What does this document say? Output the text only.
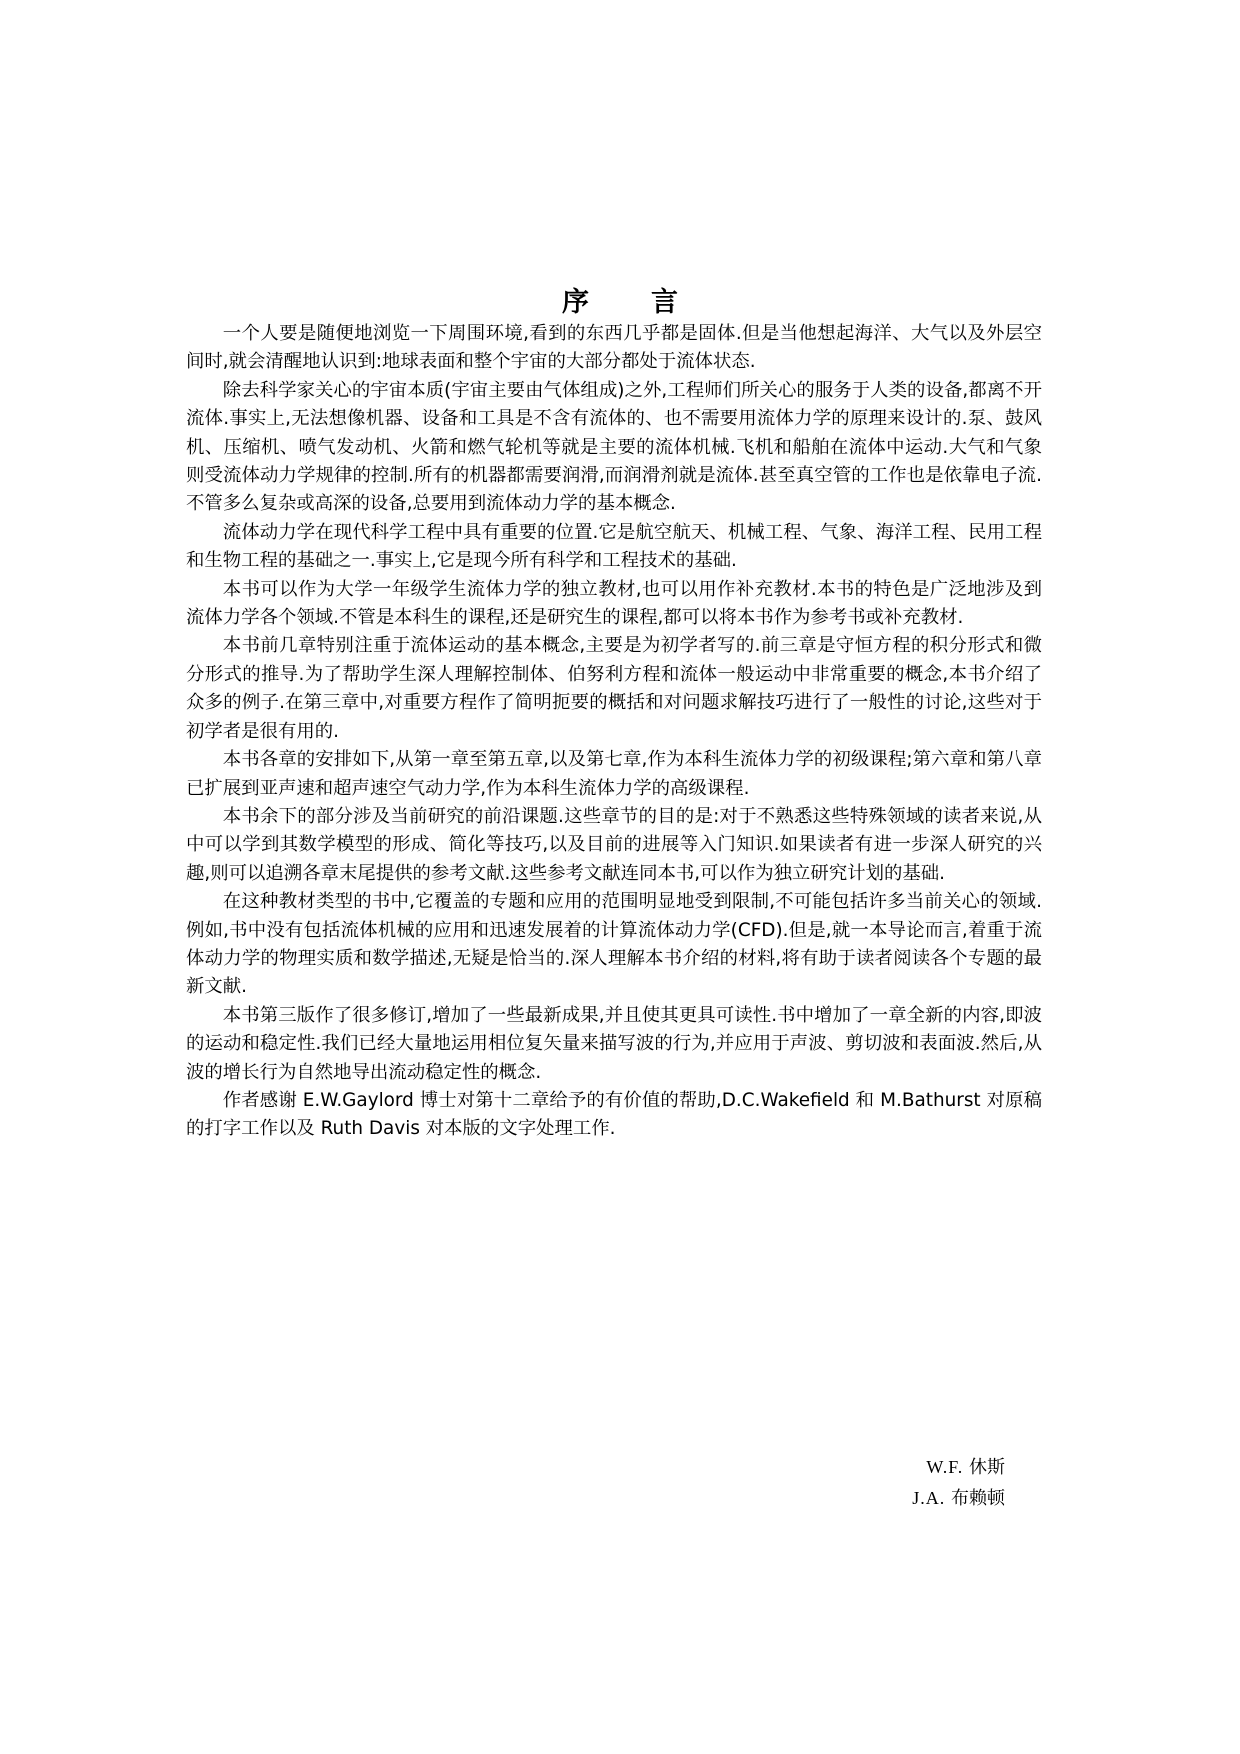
序 言

一个人要是随便地浏览一下周围环境,看到的东西几乎都是固体.但是当他想起海洋、大气以及外层空间时,就会清醒地认识到:地球表面和整个宇宙的大部分都处于流体状态.

除去科学家关心的宇宙本质(宇宙主要由气体组成)之外,工程师们所关心的服务于人类的设备,都离不开流体.事实上,无法想像机器、设备和工具是不含有流体的、也不需要用流体力学的原理来设计的.泵、鼓风机、压缩机、喷气发动机、火箭和燃气轮机等就是主要的流体机械.飞机和船舶在流体中运动.大气和气象则受流体动力学规律的控制.所有的机器都需要润滑,而润滑剂就是流体.甚至真空管的工作也是依靠电子流.不管多么复杂或高深的设备,总要用到流体动力学的基本概念.

流体动力学在现代科学工程中具有重要的位置.它是航空航天、机械工程、气象、海洋工程、民用工程和生物工程的基础之一.事实上,它是现今所有科学和工程技术的基础.

本书可以作为大学一年级学生流体力学的独立教材,也可以用作补充教材.本书的特色是广泛地涉及到流体力学各个领域.不管是本科生的课程,还是研究生的课程,都可以将本书作为参考书或补充教材.

本书前几章特别注重于流体运动的基本概念,主要是为初学者写的.前三章是守恒方程的积分形式和微分形式的推导.为了帮助学生深人理解控制体、伯努利方程和流体一般运动中非常重要的概念,本书介绍了众多的例子.在第三章中,对重要方程作了简明扼要的概括和对问题求解技巧进行了一般性的讨论,这些对于初学者是很有用的.

本书各章的安排如下,从第一章至第五章,以及第七章,作为本科生流体力学的初级课程;第六章和第八章已扩展到亚声速和超声速空气动力学,作为本科生流体力学的高级课程.

本书余下的部分涉及当前研究的前沿课题.这些章节的目的是:对于不熟悉这些特殊领域的读者来说,从中可以学到其数学模型的形成、简化等技巧,以及目前的进展等入门知识.如果读者有进一步深人研究的兴趣,则可以追溯各章末尾提供的参考文献.这些参考文献连同本书,可以作为独立研究计划的基础.

在这种教材类型的书中,它覆盖的专题和应用的范围明显地受到限制,不可能包括许多当前关心的领域.例如,书中没有包括流体机械的应用和迅速发展着的计算流体动力学(CFD).但是,就一本导论而言,着重于流体动力学的物理实质和数学描述,无疑是恰当的.深人理解本书介绍的材料,将有助于读者阅读各个专题的最新文献.

本书第三版作了很多修订,增加了一些最新成果,并且使其更具可读性.书中增加了一章全新的内容,即波的运动和稳定性.我们已经大量地运用相位复矢量来描写波的行为,并应用于声波、剪切波和表面波.然后,从波的增长行为自然地导出流动稳定性的概念.

作者感谢 E.W.Gaylord 博士对第十二章给予的有价值的帮助,D.C.Wakefield 和 M.Bathurst 对原稿的打字工作以及 Ruth Davis 对本版的文字处理工作.

W.F. 休斯
J.A. 布赖顿
